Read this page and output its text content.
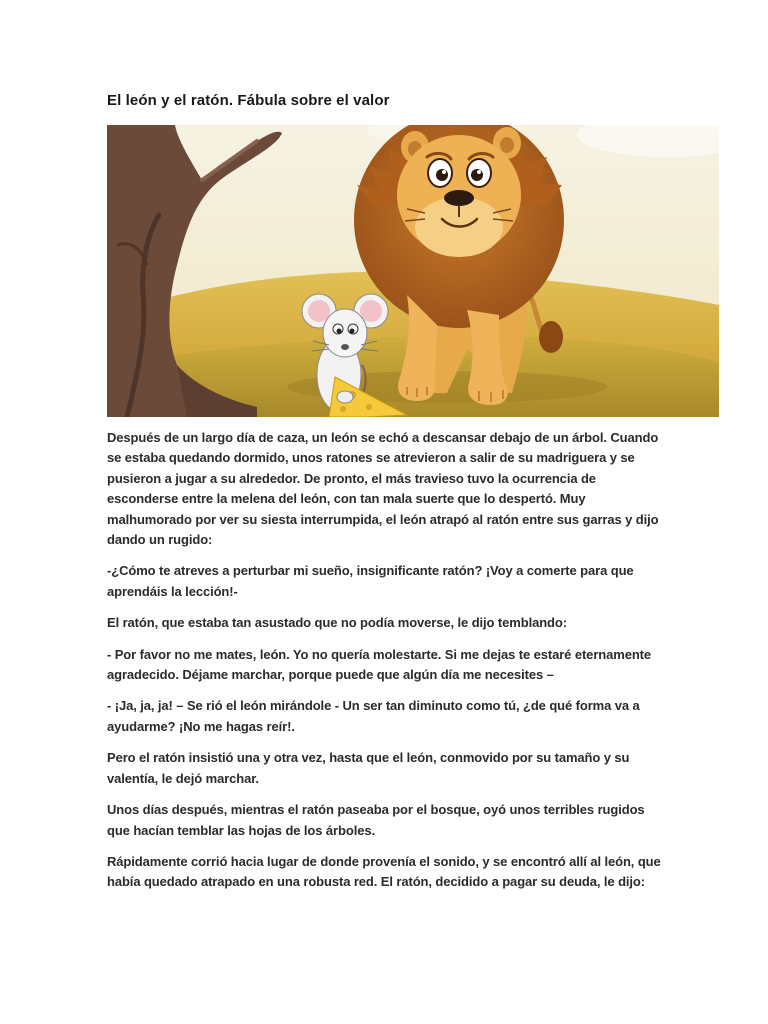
El león y el ratón. Fábula sobre el valor

Después de un largo día de caza, un león se echó a descansar debajo de un árbol. Cuando se estaba quedando dormido, unos ratones se atrevieron a salir de su madriguera y se pusieron a jugar a su alrededor. De pronto, el más travieso tuvo la ocurrencia de esconderse entre la melena del león, con tan mala suerte que lo despertó. Muy malhumorado por ver su siesta interrumpida, el león atrapó al ratón entre sus garras y dijo dando un rugido:

-¿Cómo te atreves a perturbar mi sueño, insignificante ratón? ¡Voy a comerte para que aprendáis la lección!-

El ratón, que estaba tan asustado que no podía moverse, le dijo temblando:

- Por favor no me mates, león. Yo no quería molestarte. Si me dejas te estaré eternamente agradecido. Déjame marchar, porque puede que algún día me necesites –

- ¡Ja, ja, ja! – Se rió el león mirándole - Un ser tan diminuto como tú, ¿de qué forma va a ayudarme? ¡No me hagas reír!.

Pero el ratón insistió una y otra vez, hasta que el león, conmovido por su tamaño y su valentía, le dejó marchar.

Unos días después, mientras el ratón paseaba por el bosque, oyó unos terribles rugidos que hacían temblar las hojas de los árboles.

Rápidamente corrió hacia lugar de donde provenía el sonido, y se encontró allí al león, que había quedado atrapado en una robusta red. El ratón, decidido a pagar su deuda, le dijo:
